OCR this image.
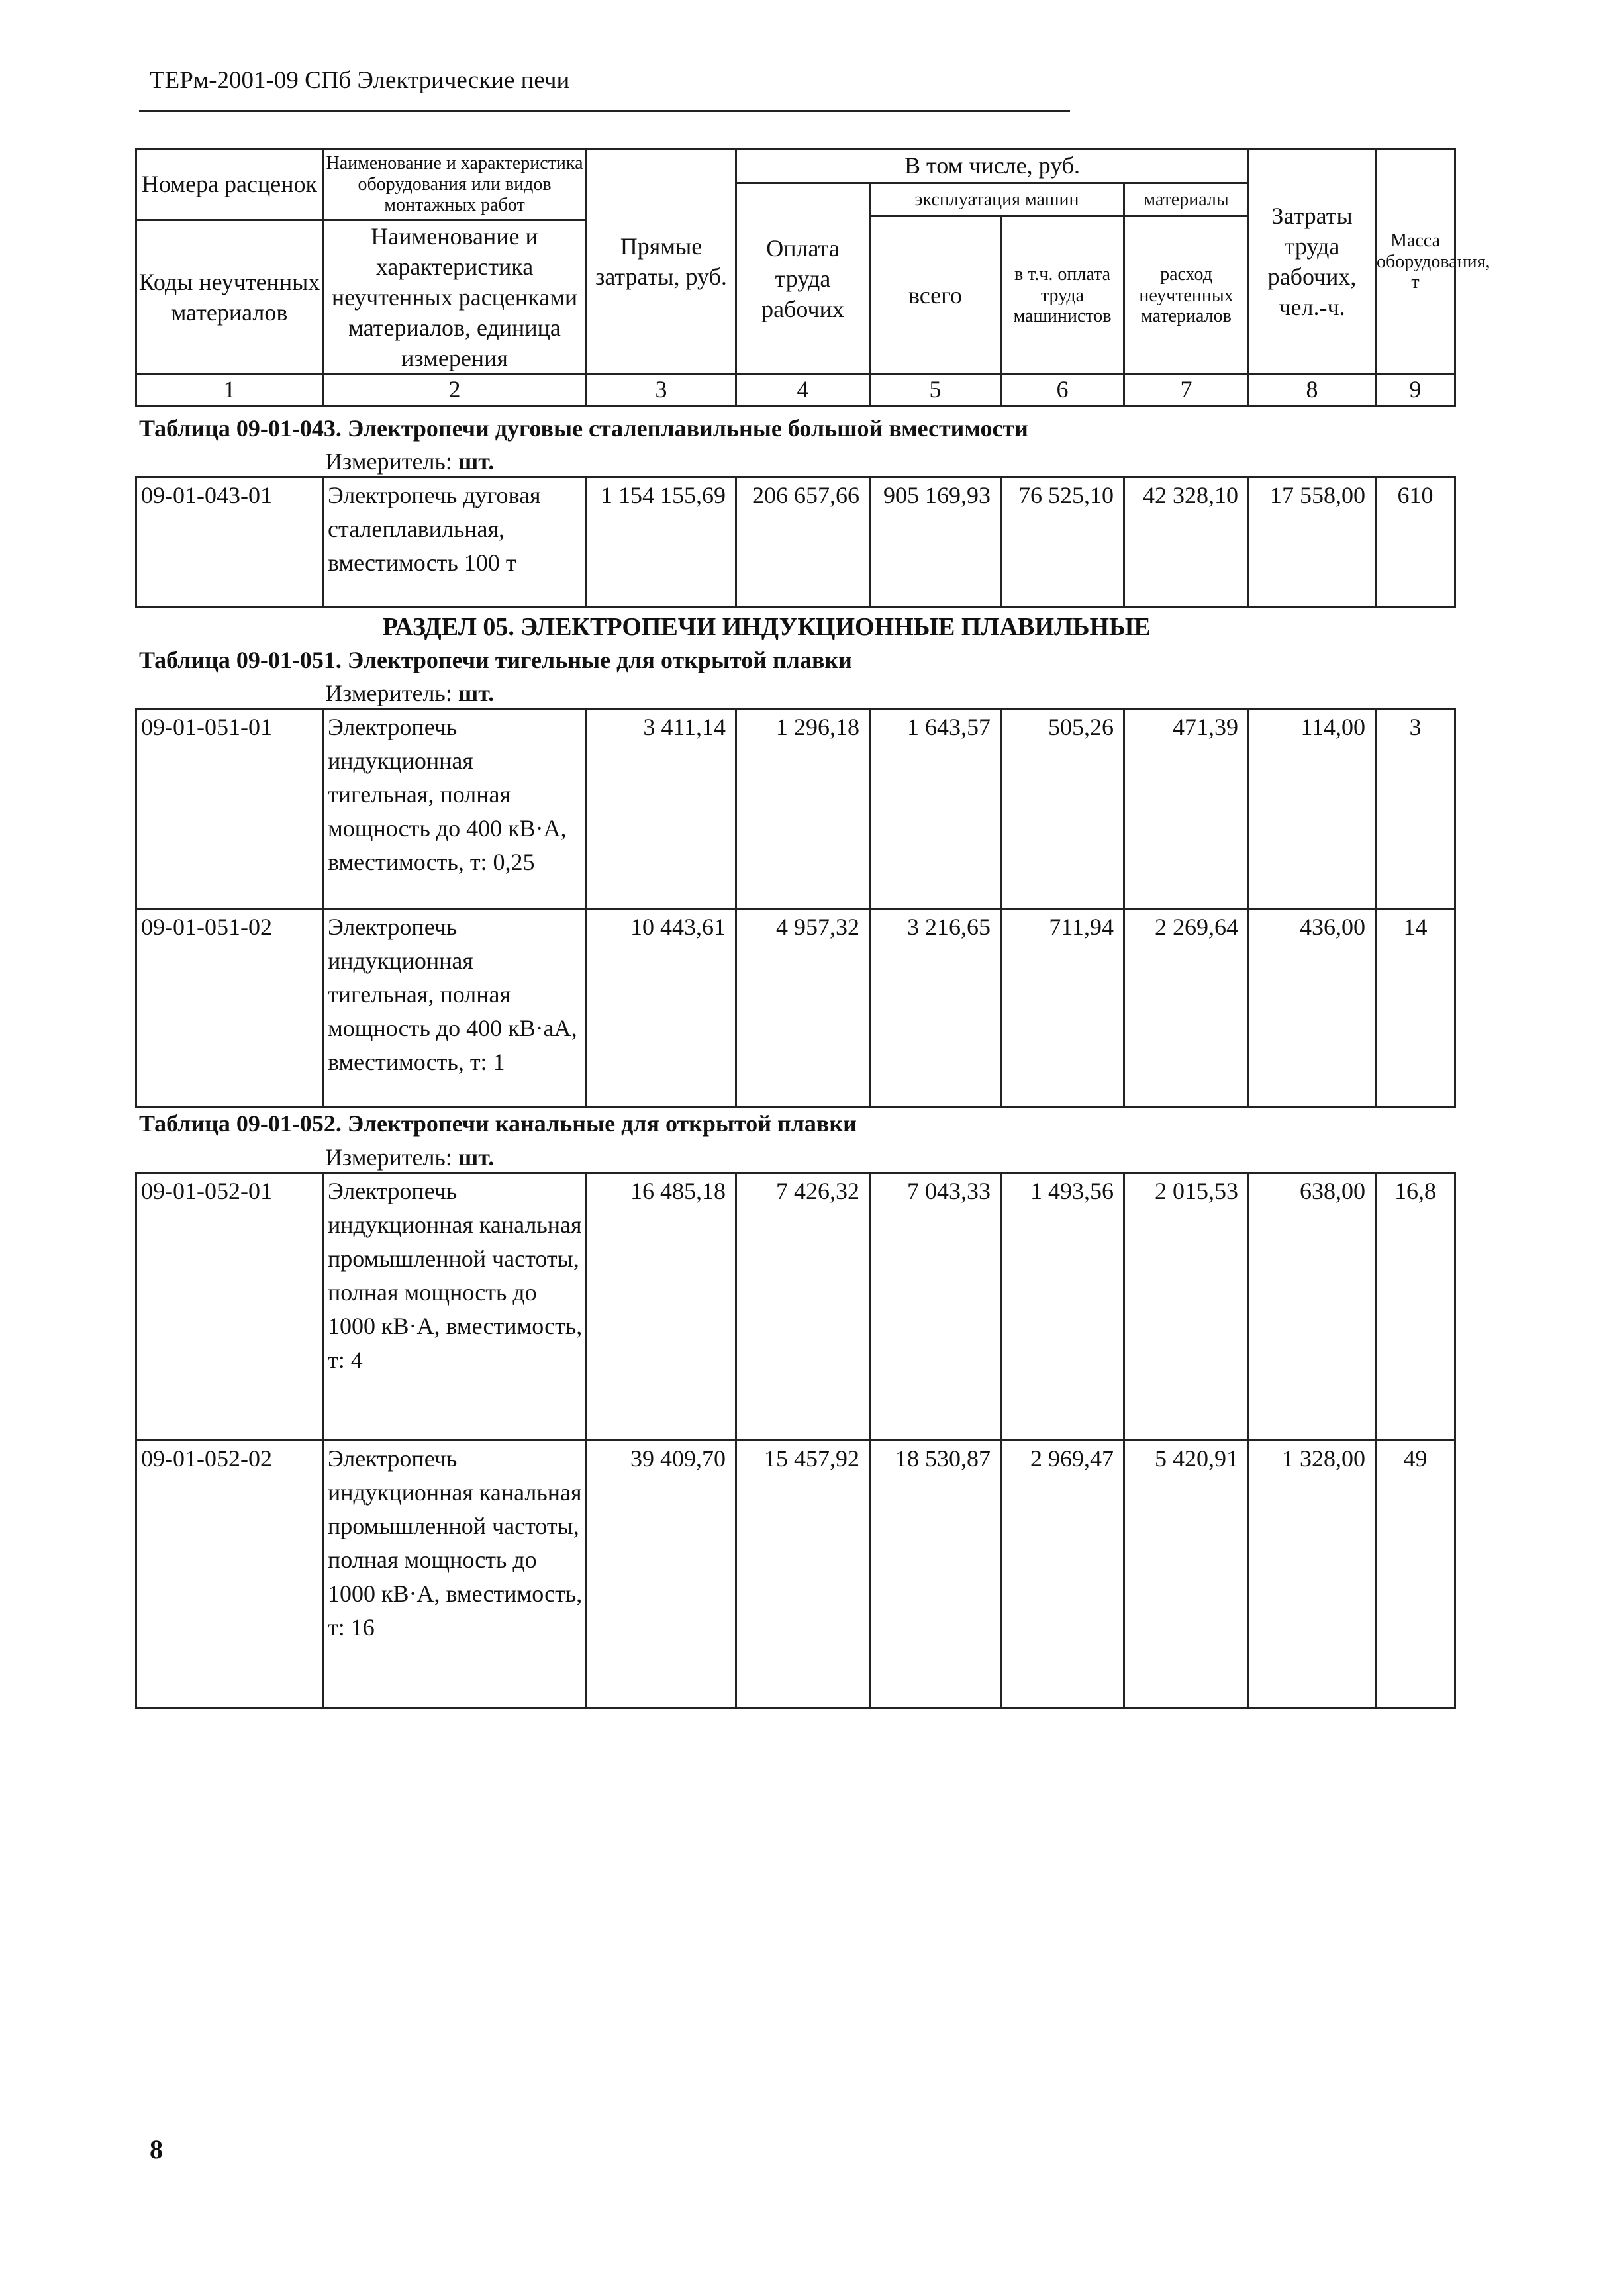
ТЕРм-2001-09 СПб Электрические печи
Номера расценок	Наименование и характеристика оборудования или видов монтажных работ	Прямые затраты, руб.	В том числе, руб.				Затраты труда рабочих, чел.-ч.	Масса оборудования, т
			Оплата труда рабочих	эксплуатация машин		материалы		
				всего	в т.ч. оплата труда машинистов	расход неучтенных материалов		
Коды неучтенных материалов	Наименование и характеристика неучтенных расценками материалов, единица измерения							

1	2	3	4	5	6	7	8	9
Таблица 09-01-043. Электропечи дуговые сталеплавильные большой вместимости
Измеритель: шт.
09-01-043-01	Электропечь дуговая сталеплавильная, вместимость 100 т	1 154 155,69	206 657,66	905 169,93	76 525,10	42 328,10	17 558,00	610
РАЗДЕЛ 05. ЭЛЕКТРОПЕЧИ ИНДУКЦИОННЫЕ ПЛАВИЛЬНЫЕ
Таблица 09-01-051. Электропечи тигельные для открытой плавки
Измеритель: шт.
09-01-051-01	Электропечь индукционная тигельная, полная мощность до 400 кВ·А, вместимость, т: 0,25	3 411,14	1 296,18	1 643,57	505,26	471,39	114,00	3
09-01-051-02	Электропечь индукционная тигельная, полная мощность до 400 кВ·аА, вместимость, т: 1	10 443,61	4 957,32	3 216,65	711,94	2 269,64	436,00	14
Таблица 09-01-052. Электропечи канальные для открытой плавки
Измеритель: шт.
09-01-052-01	Электропечь индукционная канальная промышленной частоты, полная мощность до 1000 кВ·А, вместимость, т: 4	16 485,18	7 426,32	7 043,33	1 493,56	2 015,53	638,00	16,8
09-01-052-02	Электропечь индукционная канальная промышленной частоты, полная мощность до 1000 кВ·А, вместимость, т: 16	39 409,70	15 457,92	18 530,87	2 969,47	5 420,91	1 328,00	49
8
